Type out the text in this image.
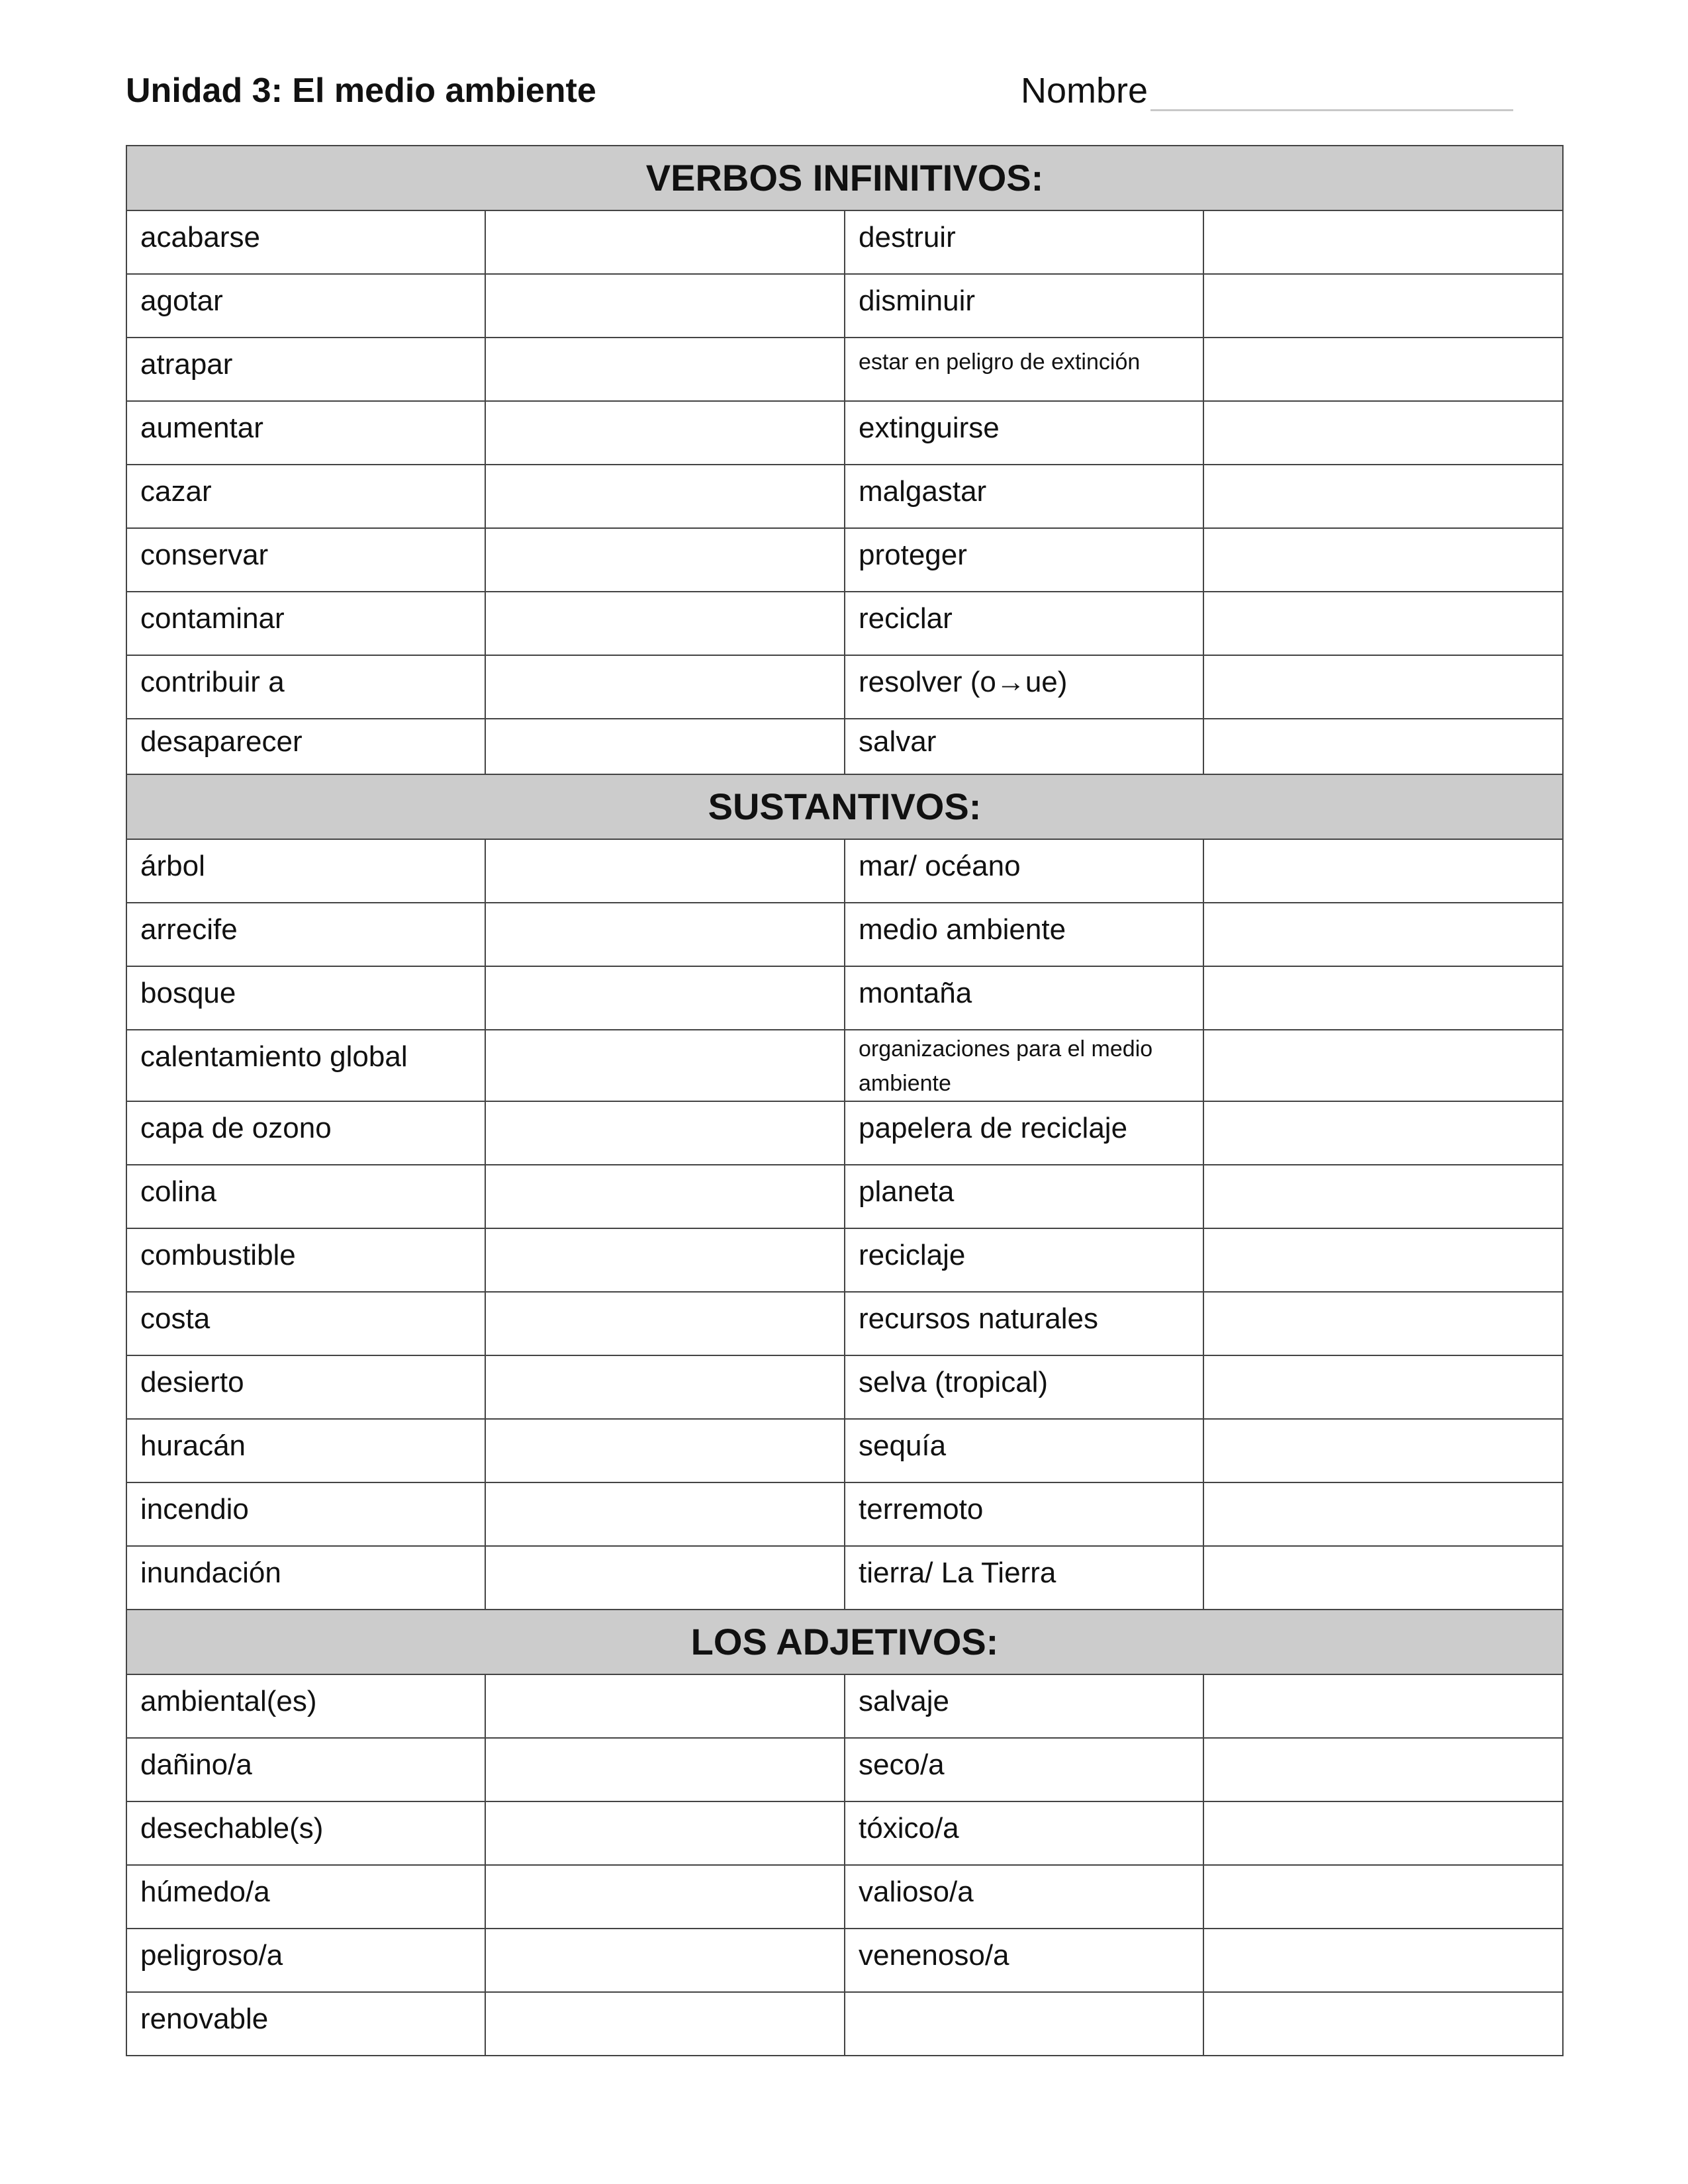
Unidad 3: El medio ambiente	Nombre
VERBOS INFINITIVOS:			
acabarse		destruir	
agotar		disminuir	
atrapar		estar en peligro de extinción	
aumentar		extinguirse	
cazar		malgastar	
conservar		proteger	
contaminar		reciclar	
contribuir a		resolver (o→ue)	
desaparecer		salvar	
SUSTANTIVOS:			
árbol		mar/ océano	
arrecife		medio ambiente	
bosque		montaña	
calentamiento global		organizaciones para el medio ambiente	
capa de ozono		papelera de reciclaje	
colina		planeta	
combustible		reciclaje	
costa		recursos naturales	
desierto		selva (tropical)	
huracán		sequía	
incendio		terremoto	
inundación		tierra/ La Tierra	
LOS ADJETIVOS:			
ambiental(es)		salvaje	
dañino/a		seco/a	
desechable(s)		tóxico/a	
húmedo/a		valioso/a	
peligroso/a		venenoso/a	
renovable			
